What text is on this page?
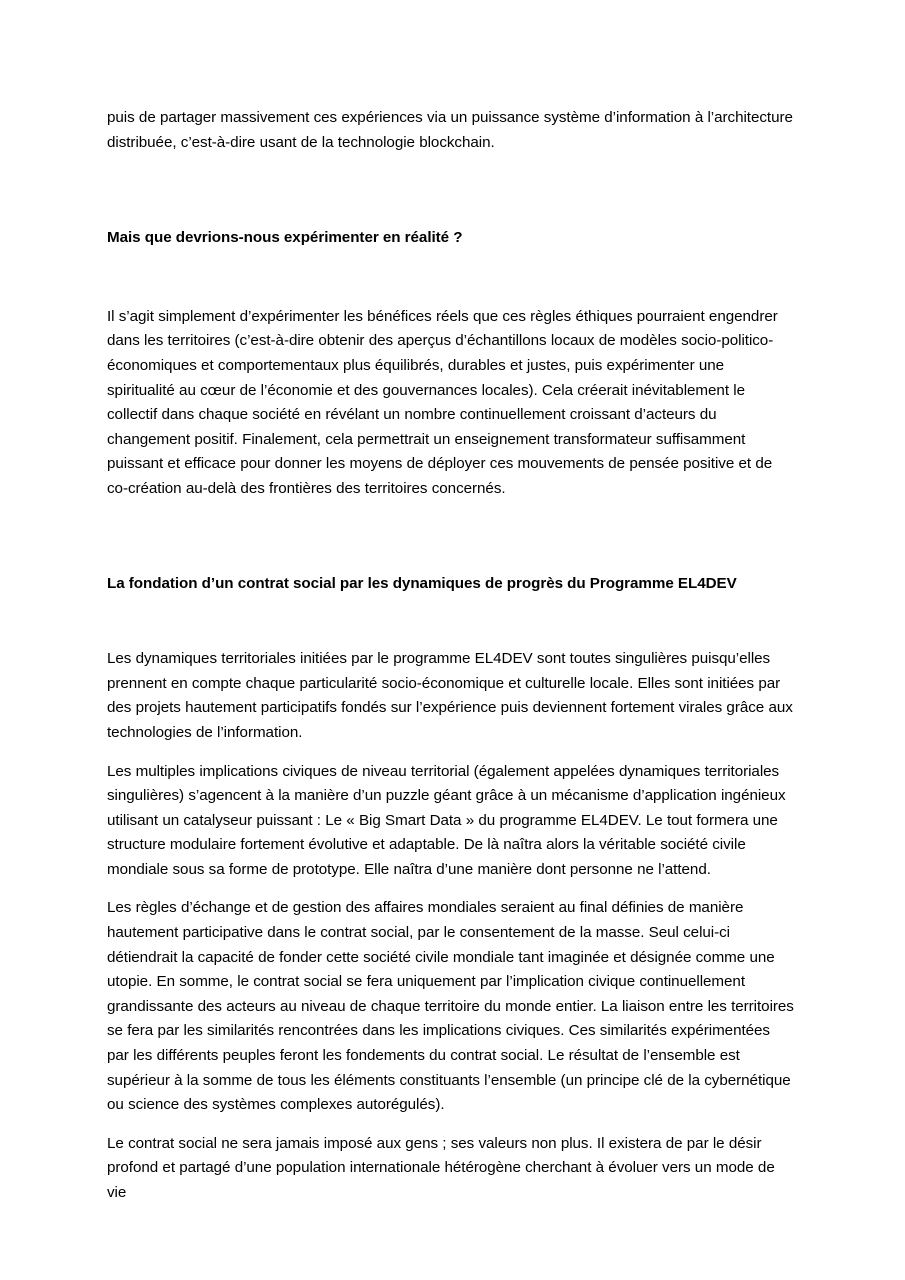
puis de partager massivement ces expériences via un puissance système d’information à l’architecture distribuée, c’est-à-dire usant de la technologie blockchain.

Mais que devrions-nous expérimenter en réalité ?

Il s’agit simplement d’expérimenter les bénéfices réels que ces règles éthiques pourraient engendrer dans les territoires (c’est-à-dire obtenir des aperçus d’échantillons locaux de modèles socio-politico-économiques et comportementaux plus équilibrés, durables et justes, puis expérimenter une spiritualité au cœur de l’économie et des gouvernances locales). Cela créerait inévitablement le collectif dans chaque société en révélant un nombre continuellement croissant d’acteurs du changement positif. Finalement, cela permettrait un enseignement transformateur suffisamment puissant et efficace pour donner les moyens de déployer ces mouvements de pensée positive et de co-création au-delà des frontières des territoires concernés.

La fondation d’un contrat social par les dynamiques de progrès du Programme EL4DEV

Les dynamiques territoriales initiées par le programme EL4DEV sont toutes singulières puisqu’elles prennent en compte chaque particularité socio-économique et culturelle locale. Elles sont initiées par des projets hautement participatifs fondés sur l’expérience puis deviennent fortement virales grâce aux technologies de l’information.

Les multiples implications civiques de niveau territorial (également appelées dynamiques territoriales singulières) s’agencent à la manière d’un puzzle géant grâce à un mécanisme d’application ingénieux utilisant un catalyseur puissant : Le « Big Smart Data » du programme EL4DEV. Le tout formera une structure modulaire fortement évolutive et adaptable. De là naîtra alors la véritable société civile mondiale sous sa forme de prototype. Elle naîtra d’une manière dont personne ne l’attend.

Les règles d’échange et de gestion des affaires mondiales seraient au final définies de manière hautement participative dans le contrat social, par le consentement de la masse. Seul celui-ci détiendrait la capacité de fonder cette société civile mondiale tant imaginée et désignée comme une utopie. En somme, le contrat social se fera uniquement par l’implication civique continuellement grandissante des acteurs au niveau de chaque territoire du monde entier. La liaison entre les territoires se fera par les similarités rencontrées dans les implications civiques. Ces similarités expérimentées par les différents peuples feront les fondements du contrat social. Le résultat de l’ensemble est supérieur à la somme de tous les éléments constituants l’ensemble (un principe clé de la cybernétique ou science des systèmes complexes autorégulés).

Le contrat social ne sera jamais imposé aux gens ; ses valeurs non plus. Il existera de par le désir profond et partagé d’une population internationale hétérogène cherchant à évoluer vers un mode de vie
